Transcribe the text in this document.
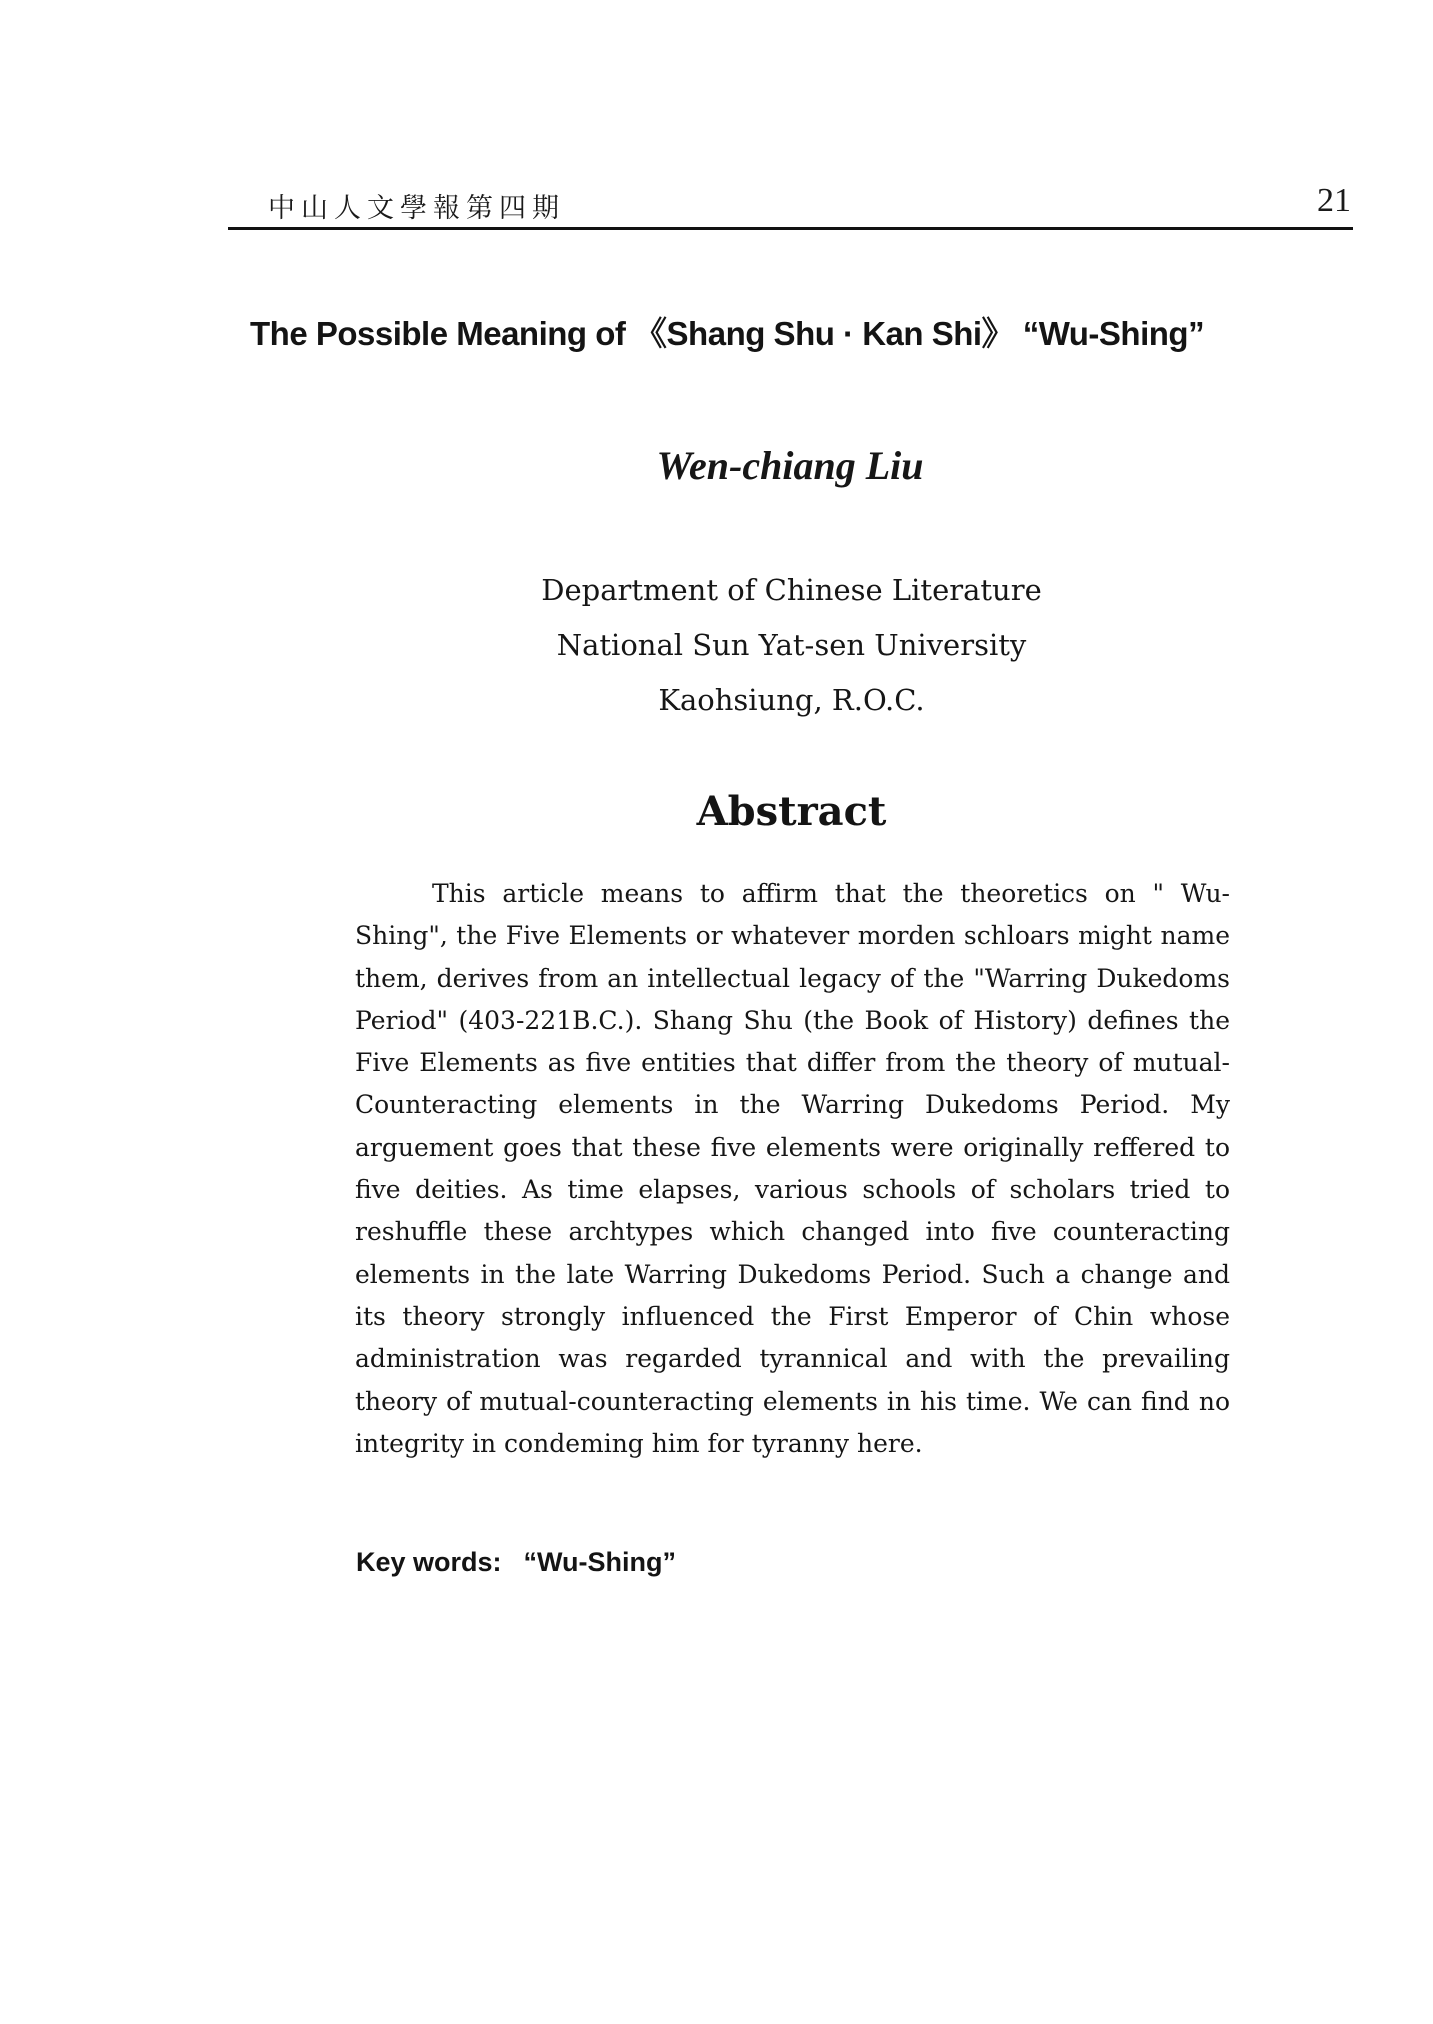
中山人文學報第四期	21
The Possible Meaning of 《Shang Shu · Kan Shi》 “Wu-Shing”
Wen-chiang Liu
Department of Chinese Literature
National Sun Yat-sen University
Kaohsiung, R.O.C.
Abstract
This article means to affirm that the theoretics on " Wu-Shing", the Five Elements or whatever morden schloars might name them, derives from an intellectual legacy of the "Warring Dukedoms Period" (403-221B.C.). Shang Shu (the Book of History) defines the Five Elements as five entities that differ from the theory of mutual-Counteracting elements in the Warring Dukedoms Period. My arguement goes that these five elements were originally reffered to five deities. As time elapses, various schools of scholars tried to reshuffle these archtypes which changed into five counteracting elements in the late Warring Dukedoms Period. Such a change and its theory strongly influenced the First Emperor of Chin whose administration was regarded tyrannical and with the prevailing theory of mutual-counteracting elements in his time. We can find no integrity in condeming him for tyranny here.
Key words: “Wu-Shing”
